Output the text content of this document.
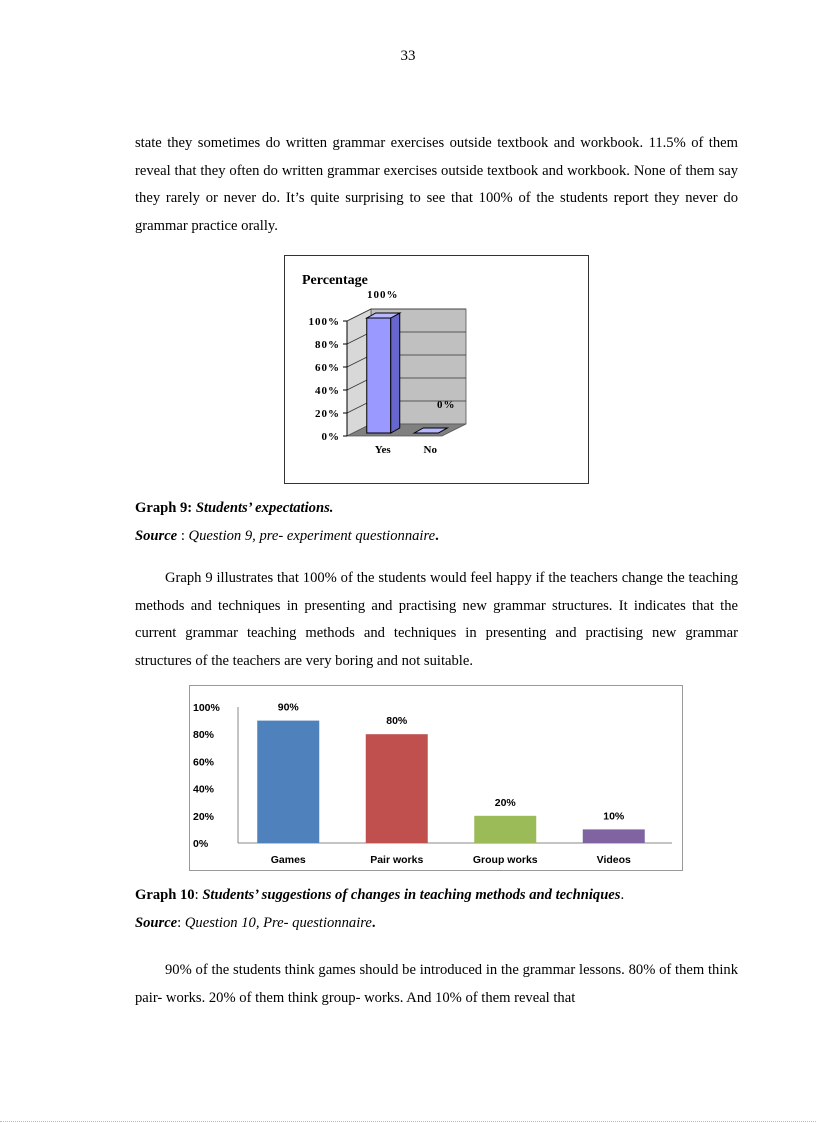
33

state they sometimes do written grammar exercises outside textbook and workbook. 11.5% of them reveal that they often do written grammar exercises outside textbook and workbook. None of them say they rarely or never do. It’s quite surprising to see that 100% of the students report they never do grammar practice orally.

Percentage
0%
20%
40%
60%
80%
100%
100%
Yes
0%
No
Graph 9: Students’ expectations.
Source : Question 9, pre- experiment questionnaire.

Graph 9 illustrates that 100% of the students would feel happy if the teachers change the teaching methods and techniques in presenting and practising new grammar structures. It indicates that the current grammar teaching methods and techniques in presenting and practising new grammar structures of the teachers are very boring and not suitable.

0%
20%
40%
60%
80%
100%	90%
Games
80%
Pair works
20%
Group works
10%
Videos
Graph 10: Students’ suggestions of changes in teaching methods and techniques.
Source: Question 10, Pre- questionnaire.

90% of the students think games should be introduced in the grammar lessons. 80% of them think pair- works. 20% of them think group- works. And 10% of them reveal that
